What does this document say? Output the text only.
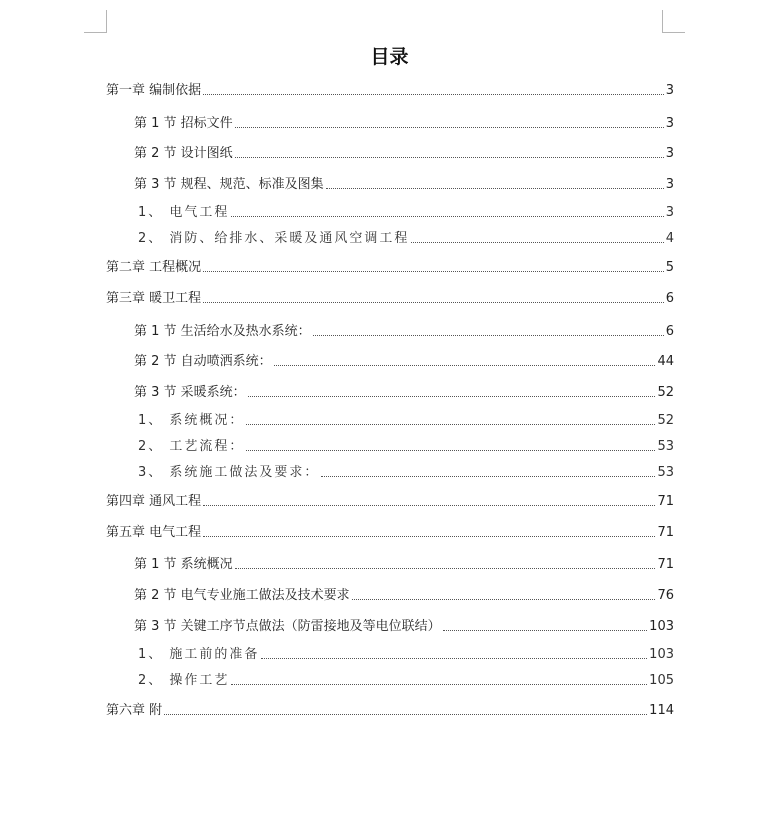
目录
第一章 编制依据	3
第 1 节 招标文件	3
第 2 节 设计图纸	3
第 3 节 规程、规范、标准及图集	3
1、 电气工程	3
2、 消防、给排水、采暖及通风空调工程	4
第二章 工程概况	5
第三章 暖卫工程	6
第 1 节 生活给水及热水系统：	6
第 2 节 自动喷洒系统：	44
第 3 节 采暖系统：	52
1、 系统概况：	52
2、 工艺流程：	53
3、 系统施工做法及要求：	53
第四章 通风工程	71
第五章 电气工程	71
第 1 节 系统概况	71
第 2 节 电气专业施工做法及技术要求	76
第 3 节 关键工序节点做法（防雷接地及等电位联结）	103
1、 施工前的准备	103
2、 操作工艺	105
第六章 附	114
